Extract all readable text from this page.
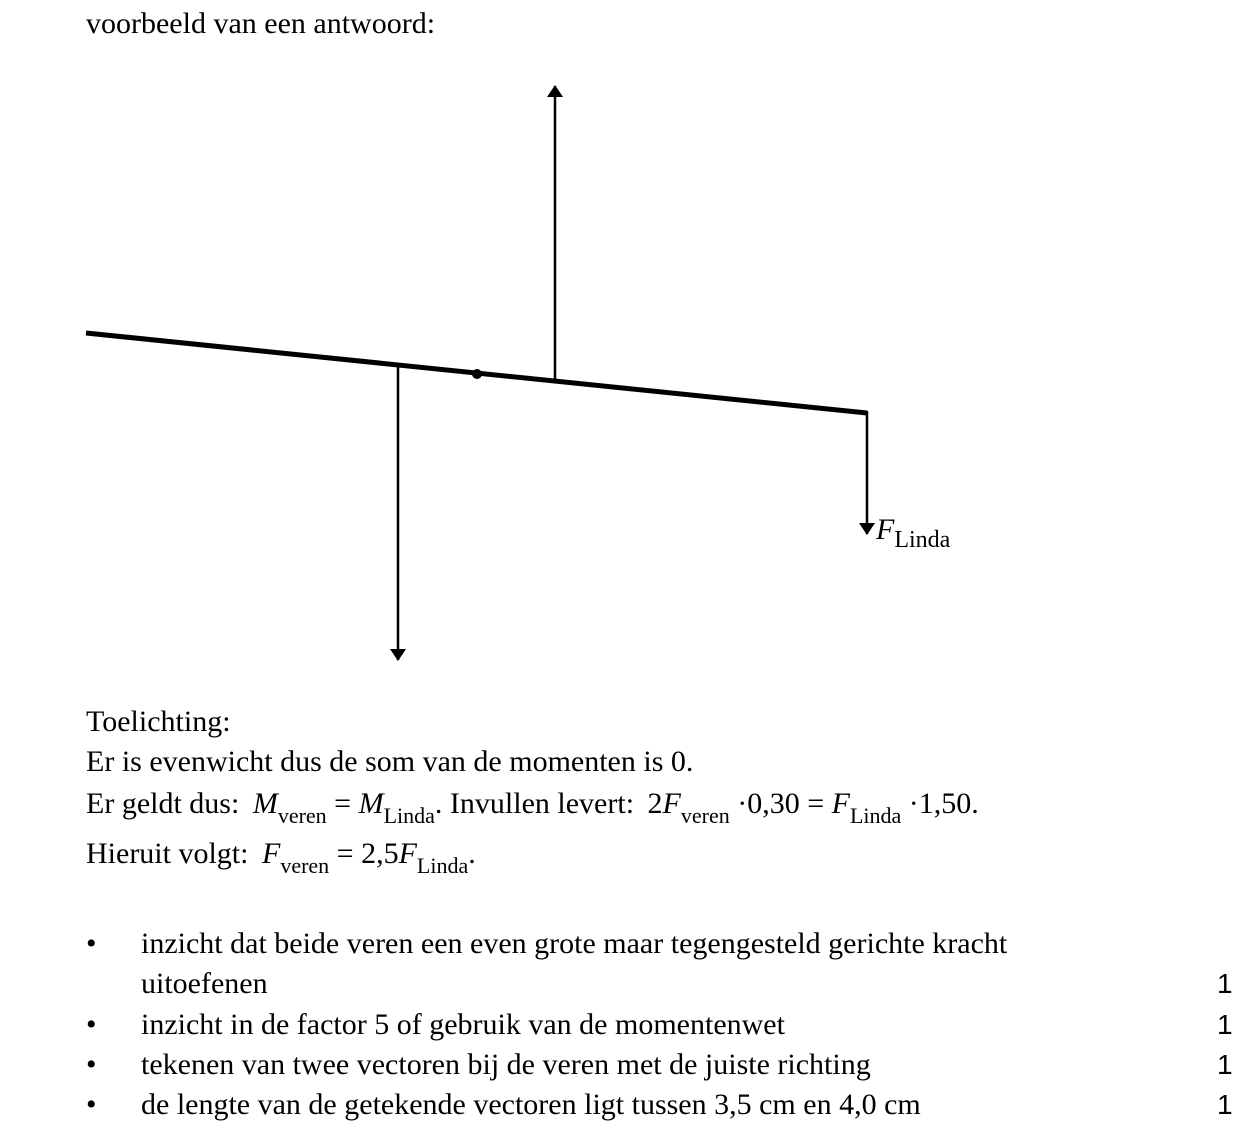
voorbeeld van een antwoord:
$F_{Linda}$
Toelichting:
Er is evenwicht dus de som van de momenten is 0.
Er geldt dus: $M_{veren} = M_{Linda}$. Invullen levert: $2F_{veren} \cdot 0,30 = F_{Linda} \cdot 1,50$.
Hieruit volgt: $F_{veren} = 2,5F_{Linda}$.
• inzicht dat beide veren een even grote maar tegengesteld gerichte kracht
uitoefenen	1
• inzicht in de factor 5 of gebruik van de momentenwet	1
• tekenen van twee vectoren bij de veren met de juiste richting	1
• de lengte van de getekende vectoren ligt tussen 3,5 cm en 4,0 cm	1
